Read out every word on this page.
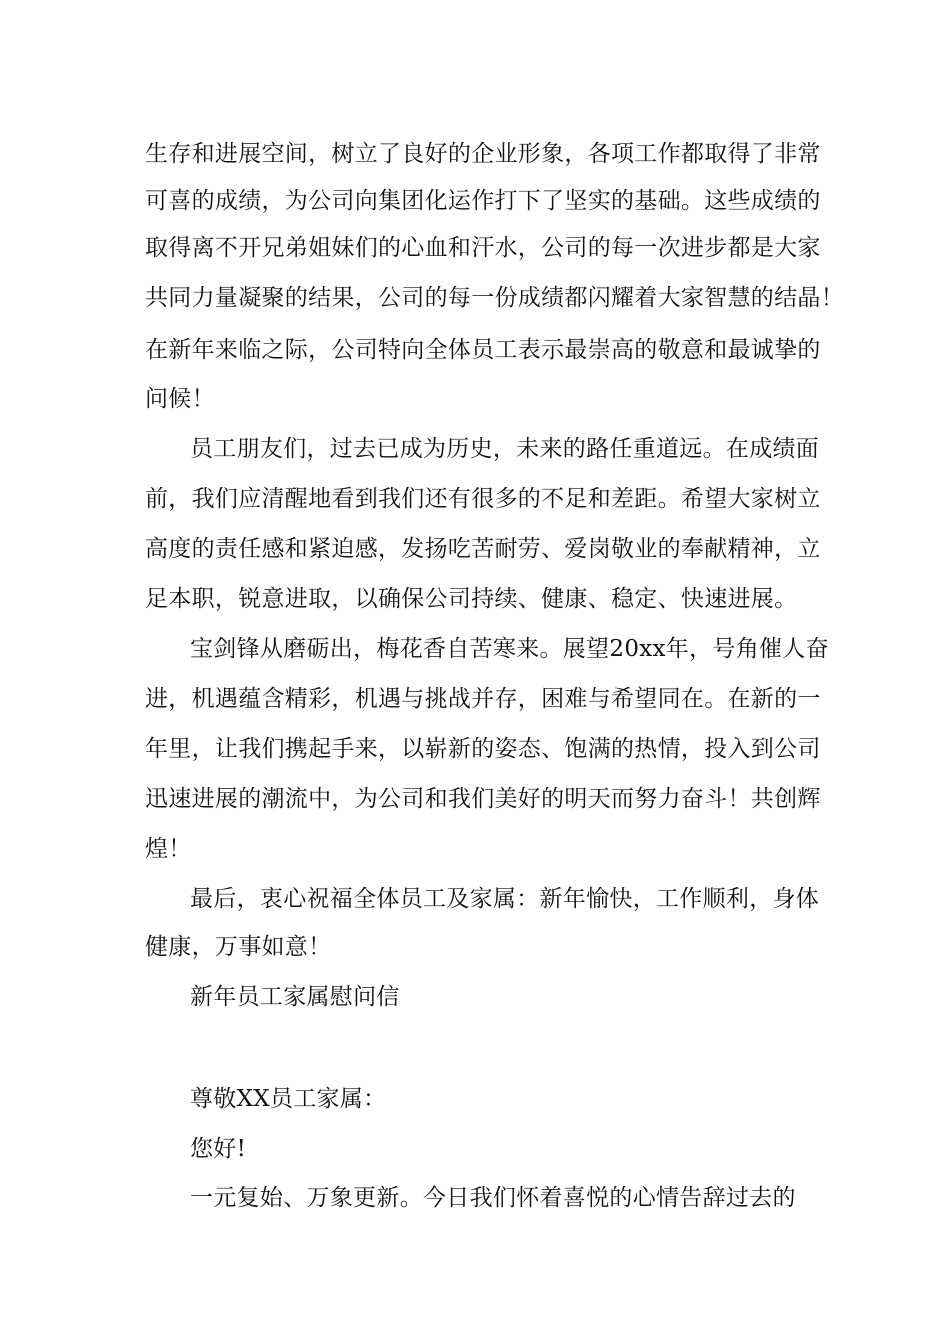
生存和进展空间，树立了良好的企业形象，各项工作都取得了非常
可喜的成绩，为公司向集团化运作打下了坚实的基础。这些成绩的
取得离不开兄弟姐妹们的心血和汗水，公司的每一次进步都是大家
共同力量凝聚的结果，公司的每一份成绩都闪耀着大家智慧的结晶！
在新年来临之际，公司特向全体员工表示最崇高的敬意和最诚挚的
问候！
员工朋友们，过去已成为历史，未来的路任重道远。在成绩面
前，我们应清醒地看到我们还有很多的不足和差距。希望大家树立
高度的责任感和紧迫感，发扬吃苦耐劳、爱岗敬业的奉献精神，立
足本职，锐意进取，以确保公司持续、健康、稳定、快速进展。
宝剑锋从磨砺出，梅花香自苦寒来。展望20xx年，号角催人奋
进，机遇蕴含精彩，机遇与挑战并存，困难与希望同在。在新的一
年里，让我们携起手来，以崭新的姿态、饱满的热情，投入到公司
迅速进展的潮流中，为公司和我们美好的明天而努力奋斗！共创辉
煌！
最后，衷心祝福全体员工及家属：新年愉快，工作顺利，身体
健康，万事如意！
新年员工家属慰问信
尊敬XX员工家属：
您好!
一元复始、万象更新。今日我们怀着喜悦的心情告辞过去的
